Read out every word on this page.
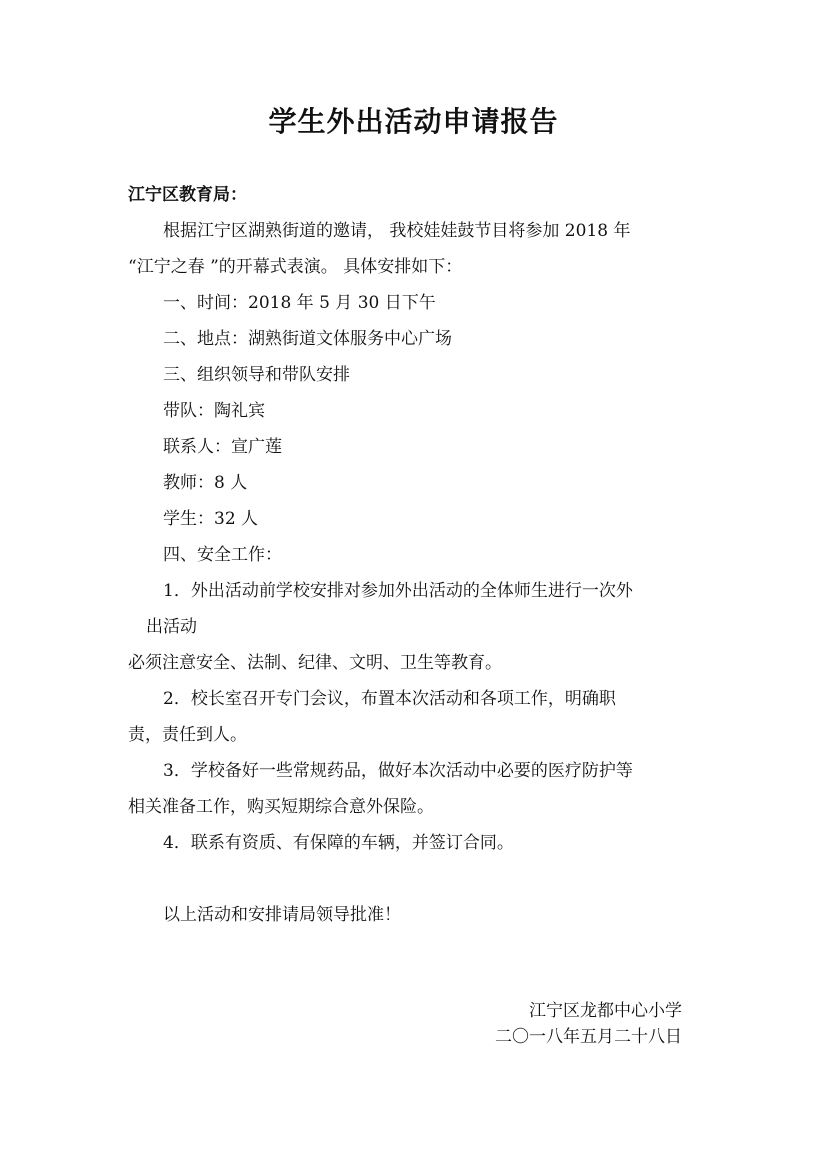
学生外出活动申请报告
江宁区教育局：
根据江宁区湖熟街道的邀请， 我校娃娃鼓节目将参加 2018 年
“江宁之春 ”的开幕式表演。 具体安排如下：
一、时间：2018 年 5 月 30 日下午
二、地点：湖熟街道文体服务中心广场
三、组织领导和带队安排
带队：陶礼宾
联系人：宣广莲
教师：8 人
学生：32 人
四、安全工作：
1．外出活动前学校安排对参加外出活动的全体师生进行一次外
出活动
必须注意安全、法制、纪律、文明、卫生等教育。
2．校长室召开专门会议，布置本次活动和各项工作，明确职
责，责任到人。
3．学校备好一些常规药品，做好本次活动中必要的医疗防护等
相关准备工作，购买短期综合意外保险。
4．联系有资质、有保障的车辆，并签订合同。
以上活动和安排请局领导批准！
江宁区龙都中心小学
二〇一八年五月二十八日
